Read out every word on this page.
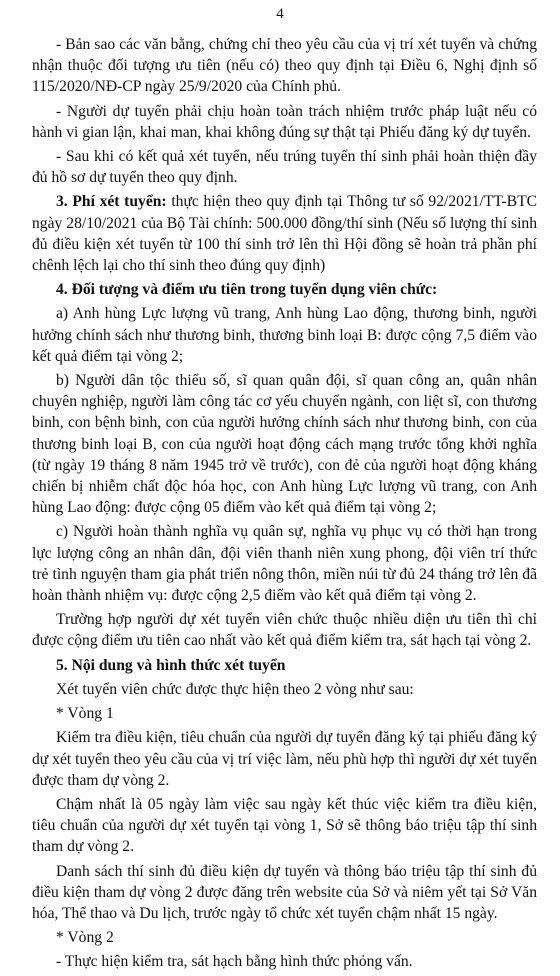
4

- Bản sao các văn bằng, chứng chỉ theo yêu cầu của vị trí xét tuyển và chứng nhận thuộc đối tượng ưu tiên (nếu có) theo quy định tại Điều 6, Nghị định số 115/2020/NĐ-CP ngày 25/9/2020 của Chính phủ.

- Người dự tuyển phải chịu hoàn toàn trách nhiệm trước pháp luật nếu có hành vi gian lận, khai man, khai không đúng sự thật tại Phiếu đăng ký dự tuyển.

- Sau khi có kết quả xét tuyển, nếu trúng tuyển thí sinh phải hoàn thiện đầy đủ hồ sơ dự tuyển theo quy định.

3. Phí xét tuyển: thực hiện theo quy định tại Thông tư số 92/2021/TT-BTC ngày 28/10/2021 của Bộ Tài chính: 500.000 đồng/thí sinh (Nếu số lượng thí sinh đủ điều kiện xét tuyển từ 100 thí sinh trở lên thì Hội đồng sẽ hoàn trả phần phí chênh lệch lại cho thí sinh theo đúng quy định)

4. Đối tượng và điểm ưu tiên trong tuyển dụng viên chức:

a) Anh hùng Lực lượng vũ trang, Anh hùng Lao động, thương binh, người hưởng chính sách như thương binh, thương binh loại B: được cộng 7,5 điểm vào kết quả điểm tại vòng 2;

b) Người dân tộc thiểu số, sĩ quan quân đội, sĩ quan công an, quân nhân chuyên nghiệp, người làm công tác cơ yếu chuyển ngành, con liệt sĩ, con thương binh, con bệnh binh, con của người hưởng chính sách như thương binh, con của thương binh loại B, con của người hoạt động cách mạng trước tổng khởi nghĩa (từ ngày 19 tháng 8 năm 1945 trở về trước), con đẻ của người hoạt động kháng chiến bị nhiễm chất độc hóa học, con Anh hùng Lực lượng vũ trang, con Anh hùng Lao động: được cộng 05 điểm vào kết quả điểm tại vòng 2;

c) Người hoàn thành nghĩa vụ quân sự, nghĩa vụ phục vụ có thời hạn trong lực lượng công an nhân dân, đội viên thanh niên xung phong, đội viên trí thức trẻ tình nguyện tham gia phát triển nông thôn, miền núi từ đủ 24 tháng trở lên đã hoàn thành nhiệm vụ: được cộng 2,5 điểm vào kết quả điểm tại vòng 2.

Trường hợp người dự xét tuyển viên chức thuộc nhiều diện ưu tiên thì chỉ được cộng điểm ưu tiên cao nhất vào kết quả điểm kiểm tra, sát hạch tại vòng 2.

5. Nội dung và hình thức xét tuyển

Xét tuyển viên chức được thực hiện theo 2 vòng như sau:

* Vòng 1

Kiểm tra điều kiện, tiêu chuẩn của người dự tuyển đăng ký tại phiếu đăng ký dự xét tuyển theo yêu cầu của vị trí việc làm, nếu phù hợp thì người dự xét tuyển được tham dự vòng 2.

Chậm nhất là 05 ngày làm việc sau ngày kết thúc việc kiểm tra điều kiện, tiêu chuẩn của người dự xét tuyển tại vòng 1, Sở sẽ thông báo triệu tập thí sinh tham dự vòng 2.

Danh sách thí sinh đủ điều kiện dự tuyển và thông báo triệu tập thí sinh đủ điều kiện tham dự vòng 2 được đăng trên website của Sở và niêm yết tại Sở Văn hóa, Thể thao và Du lịch, trước ngày tổ chức xét tuyển chậm nhất 15 ngày.

* Vòng 2

- Thực hiện kiểm tra, sát hạch bằng hình thức phỏng vấn.
